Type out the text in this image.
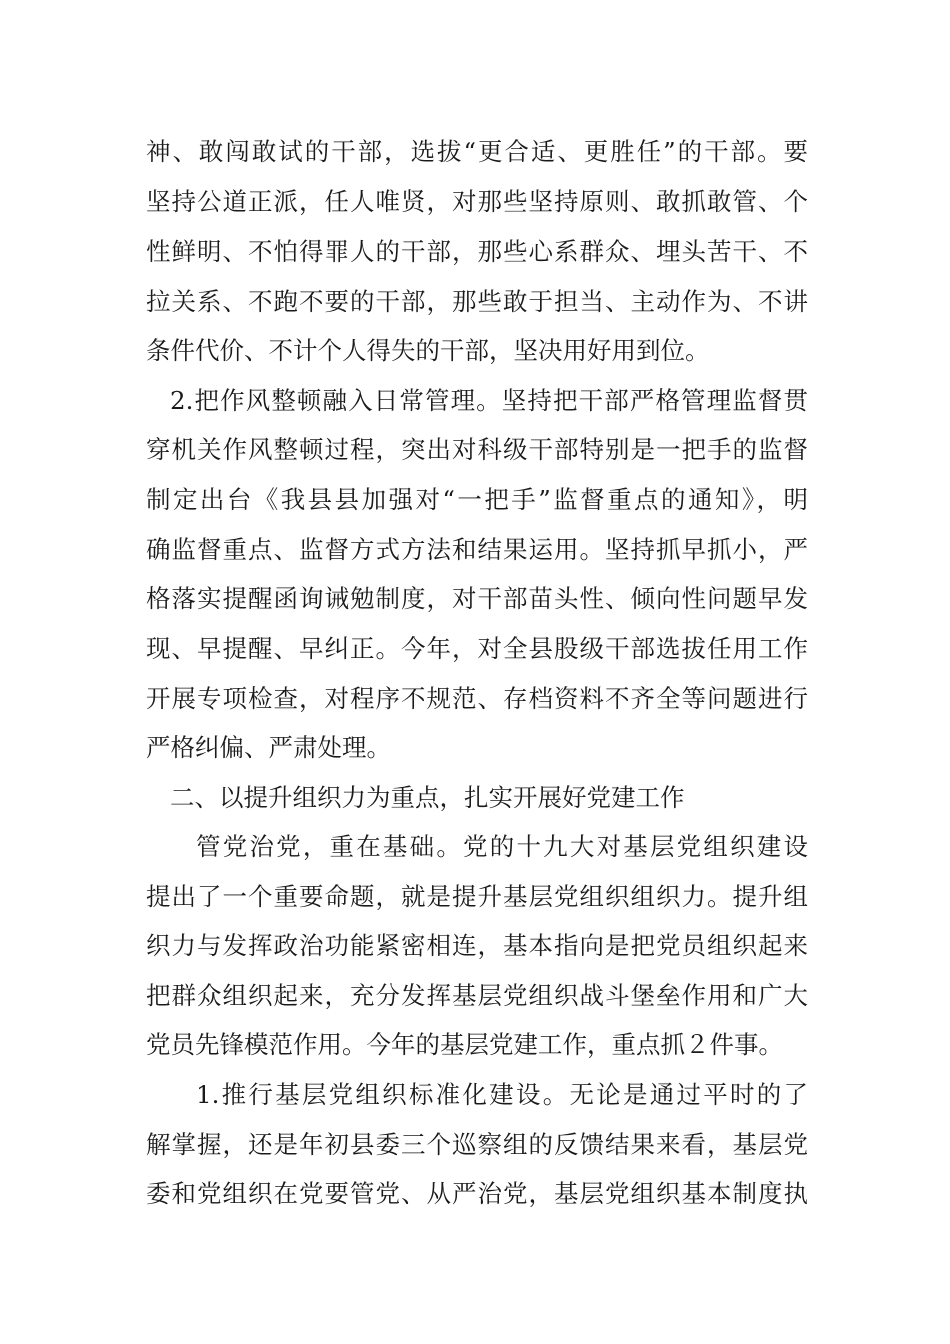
神、敢闯敢试的干部，选拔“更合适、更胜任”的干部。要
坚持公道正派，任人唯贤，对那些坚持原则、敢抓敢管、个
性鲜明、不怕得罪人的干部，那些心系群众、埋头苦干、不
拉关系、不跑不要的干部，那些敢于担当、主动作为、不讲
条件代价、不计个人得失的干部，坚决用好用到位。
2.把作风整顿融入日常管理。坚持把干部严格管理监督贯
穿机关作风整顿过程，突出对科级干部特别是一把手的监督
制定出台《我县县加强对“一把手”监督重点的通知》，明
确监督重点、监督方式方法和结果运用。坚持抓早抓小，严
格落实提醒函询诫勉制度，对干部苗头性、倾向性问题早发
现、早提醒、早纠正。今年，对全县股级干部选拔任用工作
开展专项检查，对程序不规范、存档资料不齐全等问题进行
严格纠偏、严肃处理。
二、以提升组织力为重点，扎实开展好党建工作
管党治党，重在基础。党的十九大对基层党组织建设
提出了一个重要命题，就是提升基层党组织组织力。提升组
织力与发挥政治功能紧密相连，基本指向是把党员组织起来
把群众组织起来，充分发挥基层党组织战斗堡垒作用和广大
党员先锋模范作用。今年的基层党建工作，重点抓２件事。
1.推行基层党组织标准化建设。无论是通过平时的了
解掌握，还是年初县委三个巡察组的反馈结果来看，基层党
委和党组织在党要管党、从严治党，基层党组织基本制度执
